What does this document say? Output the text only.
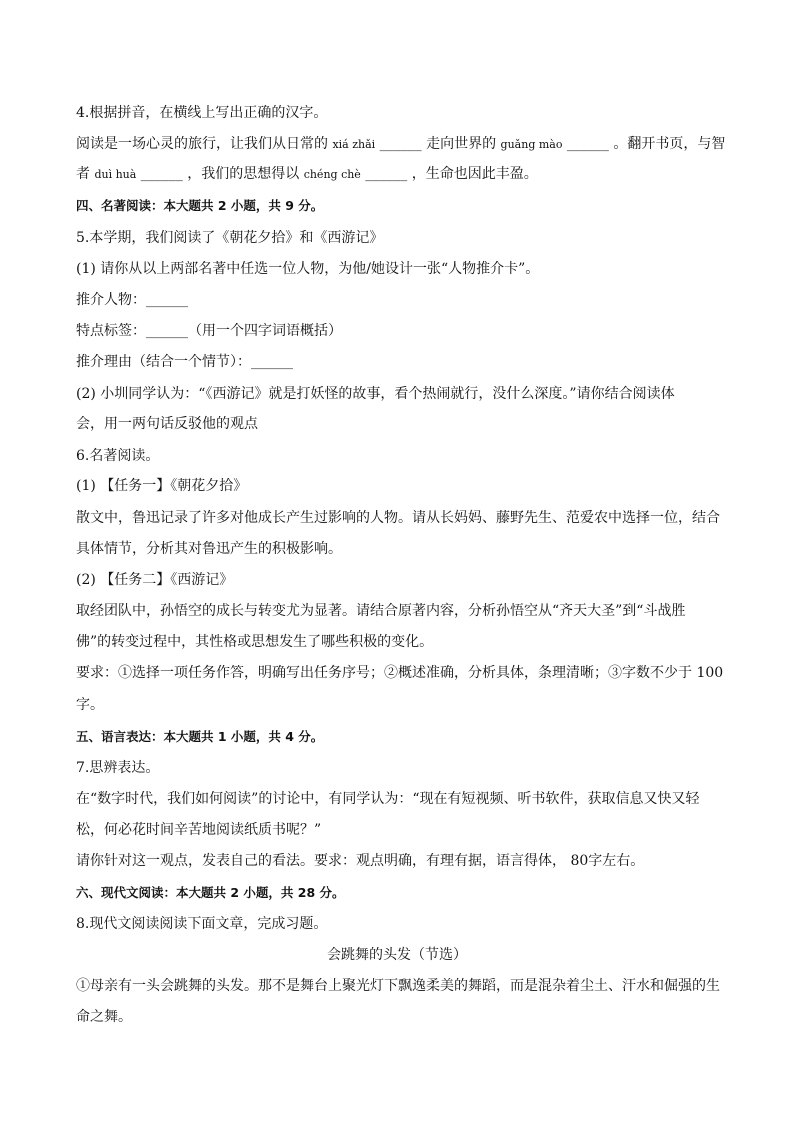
4.根据拼音，在横线上写出正确的汉字。
阅读是一场心灵的旅行，让我们从日常的 xiá zhǎi ______ 走向世界的 guǎng mào ______ 。翻开书页，与智
者 duì huà ______ ，我们的思想得以 chéng chè ______ ，生命也因此丰盈。
四、名著阅读：本大题共 2 小题，共 9 分。
5.本学期，我们阅读了《朝花夕拾》和《西游记》
(1) 请你从以上两部名著中任选一位人物，为他/她设计一张“人物推介卡”。
推介人物：______
特点标签：______（用一个四字词语概括）
推介理由（结合一个情节）：______
(2) 小圳同学认为：“《西游记》就是打妖怪的故事，看个热闹就行，没什么深度。”请你结合阅读体
会，用一两句话反驳他的观点
6.名著阅读。
(1) 【任务一】《朝花夕拾》
散文中，鲁迅记录了许多对他成长产生过影响的人物。请从长妈妈、藤野先生、范爱农中选择一位，结合
具体情节，分析其对鲁迅产生的积极影响。
(2) 【任务二】《西游记》
取经团队中，孙悟空的成长与转变尤为显著。请结合原著内容，分析孙悟空从“齐天大圣”到“斗战胜
佛”的转变过程中，其性格或思想发生了哪些积极的变化。
要求：①选择一项任务作答，明确写出任务序号；②概述准确，分析具体，条理清晰；③字数不少于 100
字。
五、语言表达：本大题共 1 小题，共 4 分。
7.思辨表达。
在“数字时代，我们如何阅读”的讨论中，有同学认为：“现在有短视频、听书软件，获取信息又快又轻
松，何必花时间辛苦地阅读纸质书呢？”
请你针对这一观点，发表自己的看法。要求：观点明确，有理有据，语言得体， 80字左右。
六、现代文阅读：本大题共 2 小题，共 28 分。
8.现代文阅读阅读下面文章，完成习题。
会跳舞的头发（节选）
①母亲有一头会跳舞的头发。那不是舞台上聚光灯下飘逸柔美的舞蹈，而是混杂着尘土、汗水和倔强的生
命之舞。
